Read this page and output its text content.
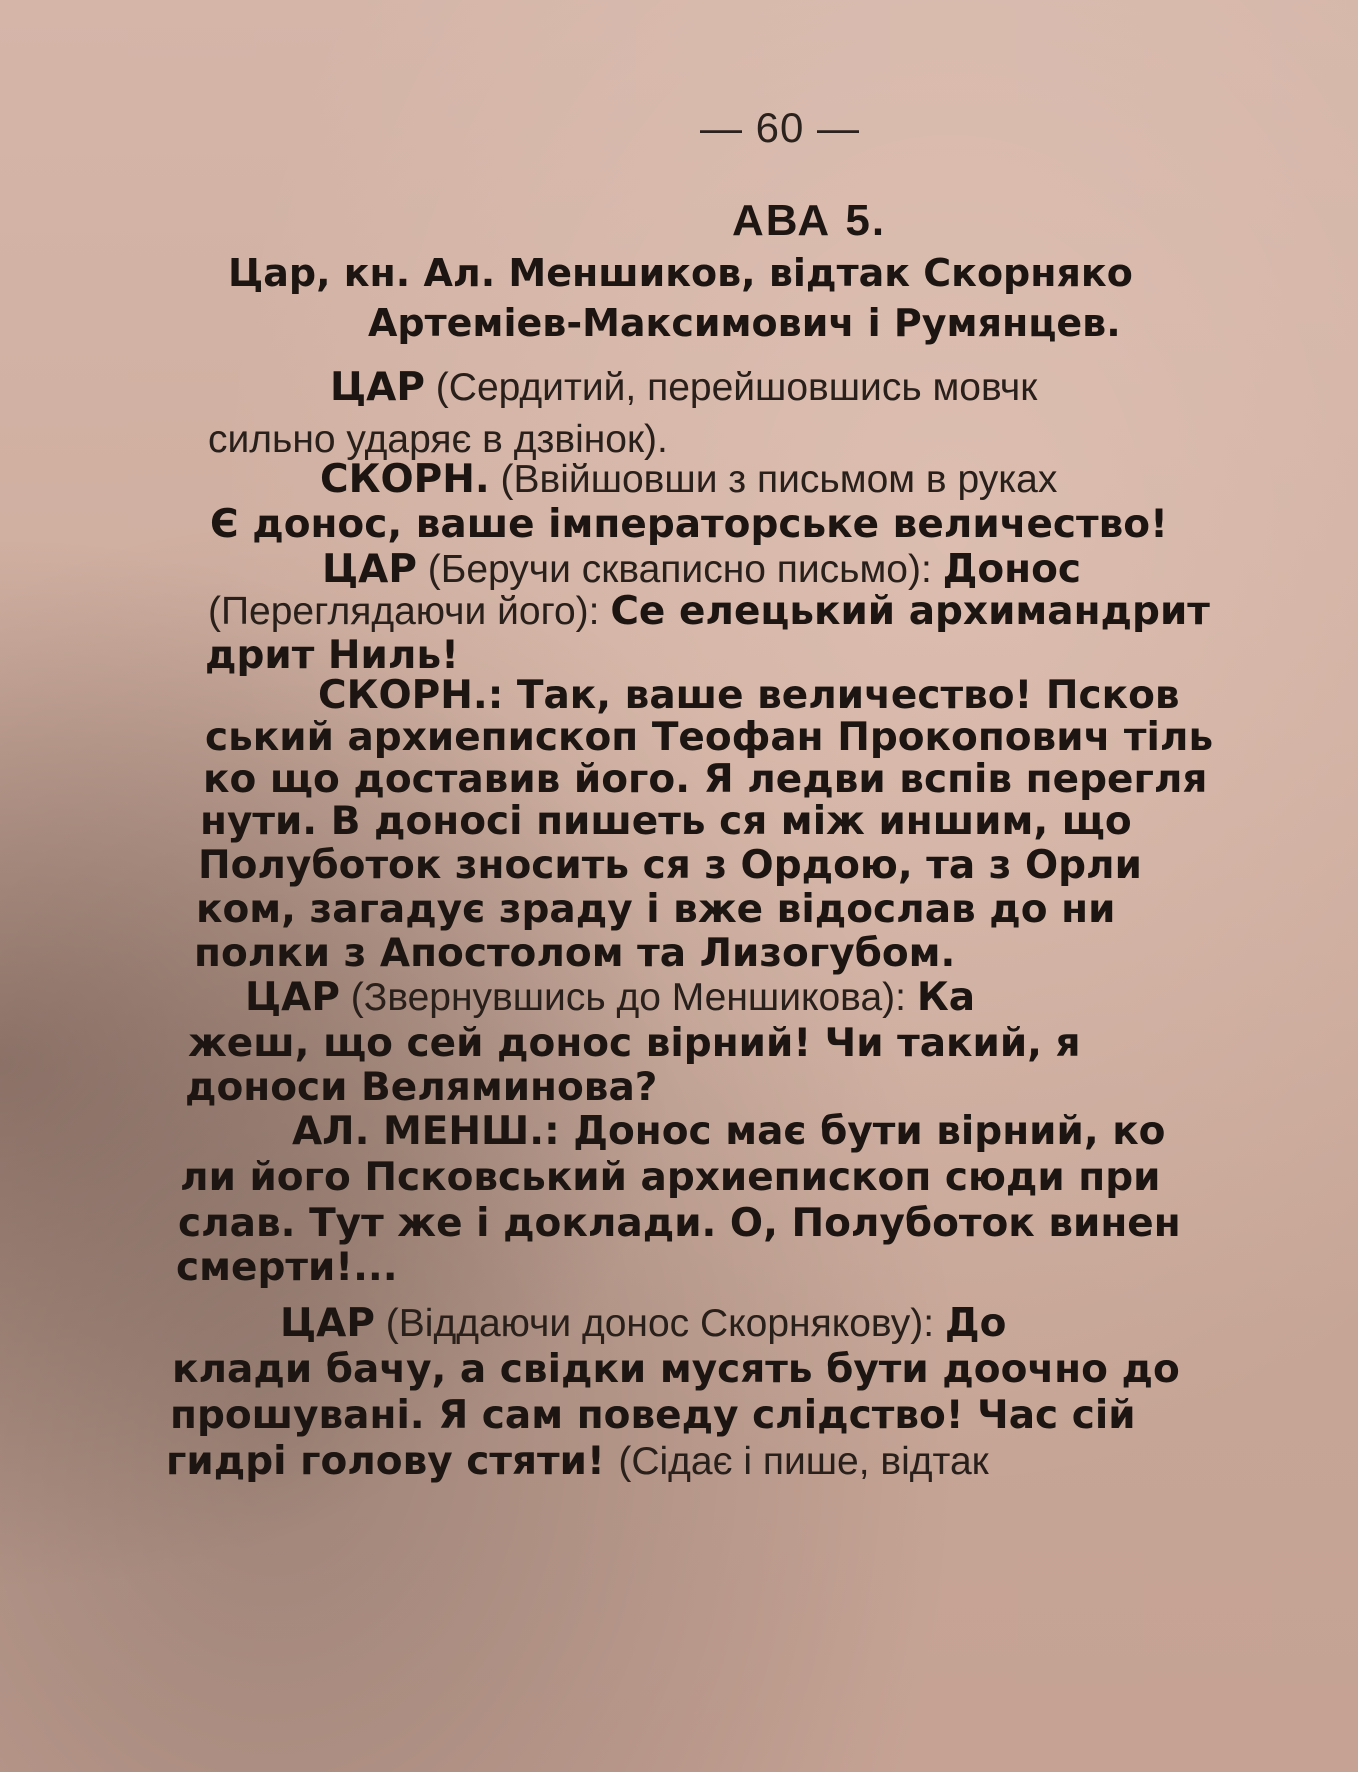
— 60 —
АВА 5.
Цар, кн. Ал. Меншиков, відтак Скорняко
Артеміев-Максимович і Румянцев.
ЦАР (Сердитий, перейшовшись мовчк
сильно ударяє в дзвінок).
СКОРН. (Ввійшовши з письмом в руках
Є донос, ваше імператорське величество!
ЦАР (Беручи скваписно письмо): Донос
(Переглядаючи його): Се елецький архимандрит
дрит Ниль!
СКОРН.: Так, ваше величество! Псков
ський архиепископ Теофан Прокопович тіль
ко що доставив його. Я ледви вспів перегля
нути. В доносі пишеть ся між иншим, що
Полуботок зносить ся з Ордою, та з Орли
ком, загадує зраду і вже відослав до ни
полки з Апостолом та Лизогубом.
ЦАР (Звернувшись до Меншикова): Ка
жеш, що сей донос вірний! Чи такий, я
доноси Веляминова?
АЛ. МЕНШ.: Донос має бути вірний, ко
ли його Псковський архиепископ сюди при
слав. Тут же і доклади. О, Полуботок винен
смерти!...
ЦАР (Віддаючи донос Скорнякову): До
клади бачу, а свідки мусять бути доочно до
прошувані. Я сам поведу слідство! Час сій
гидрі голову стяти! (Сідає і пише, відтак
